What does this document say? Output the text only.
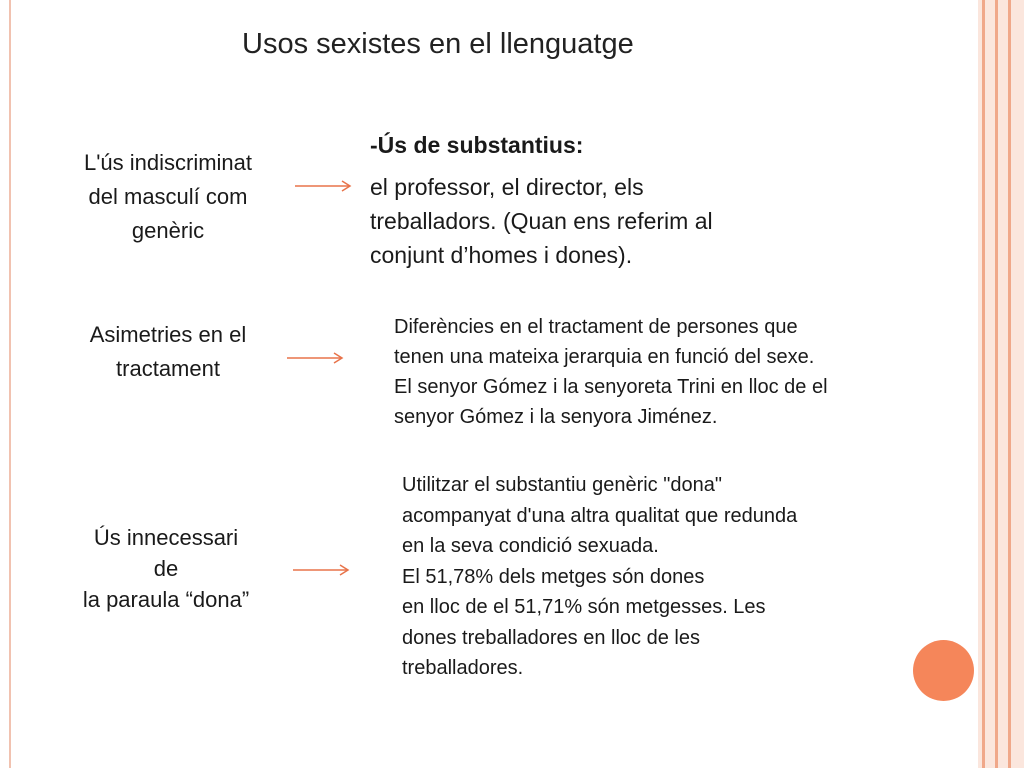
Usos sexistes en el llenguatge
L'ús indiscriminat
del masculí com
genèric
-Ús de substantius:
el professor, el director, els
treballadors. (Quan ens referim al
conjunt d’homes i dones).
Asimetries en el
tractament
Diferències en el tractament de persones que
tenen una mateixa jerarquia en funció del sexe.
El senyor Gómez i la senyoreta Trini en lloc de el
senyor Gómez i la senyora Jiménez.
Ús innecessari
de
la paraula “dona”
Utilitzar el substantiu genèric "dona"
acompanyat d'una altra qualitat que redunda
en la seva condició sexuada.
El 51,78% dels metges són dones
en lloc de el 51,71% són metgesses. Les
dones treballadores en lloc de les
treballadores.
